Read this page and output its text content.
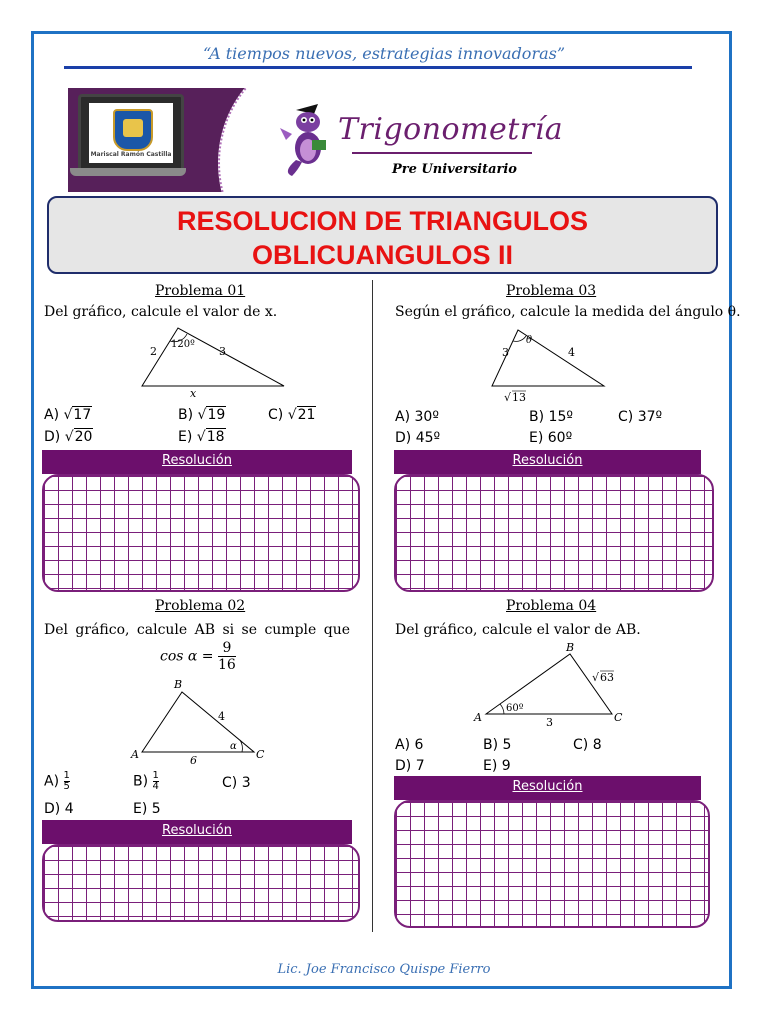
“A tiempos nuevos, estrategias innovadoras”
Mariscal Ramón Castilla
Trigonometría
Pre Universitario
RESOLUCION DE TRIANGULOS
OBLICUANGULOS II
Problema 01
Del gráfico, calcule el valor de x.
2	3
120º
x
A) √17	B) √19	C) √21
D) √20	E) √18
Resolución
Problema 02
Del gráfico, calcule AB si se cumple que
$\cos \alpha = \frac{9}{16}$
B
A	C
4
6
α
$A) \frac{1}{5}$	$B) \frac{1}{4}$	C) 3
D) 4	E) 5
Resolución
Problema 03
Según el gráfico, calcule la medida del ángulo θ.
3	4
θ
√ 13
A) 30º	B) 15º	C) 37º
D) 45º	E) 60º
Resolución
Problema 04
Del gráfico, calcule el valor de AB.
B
A	C
√ 63
3
60º
A) 6	B) 5	C) 8
D) 7	E) 9
Resolución
Lic. Joe Francisco Quispe Fierro
